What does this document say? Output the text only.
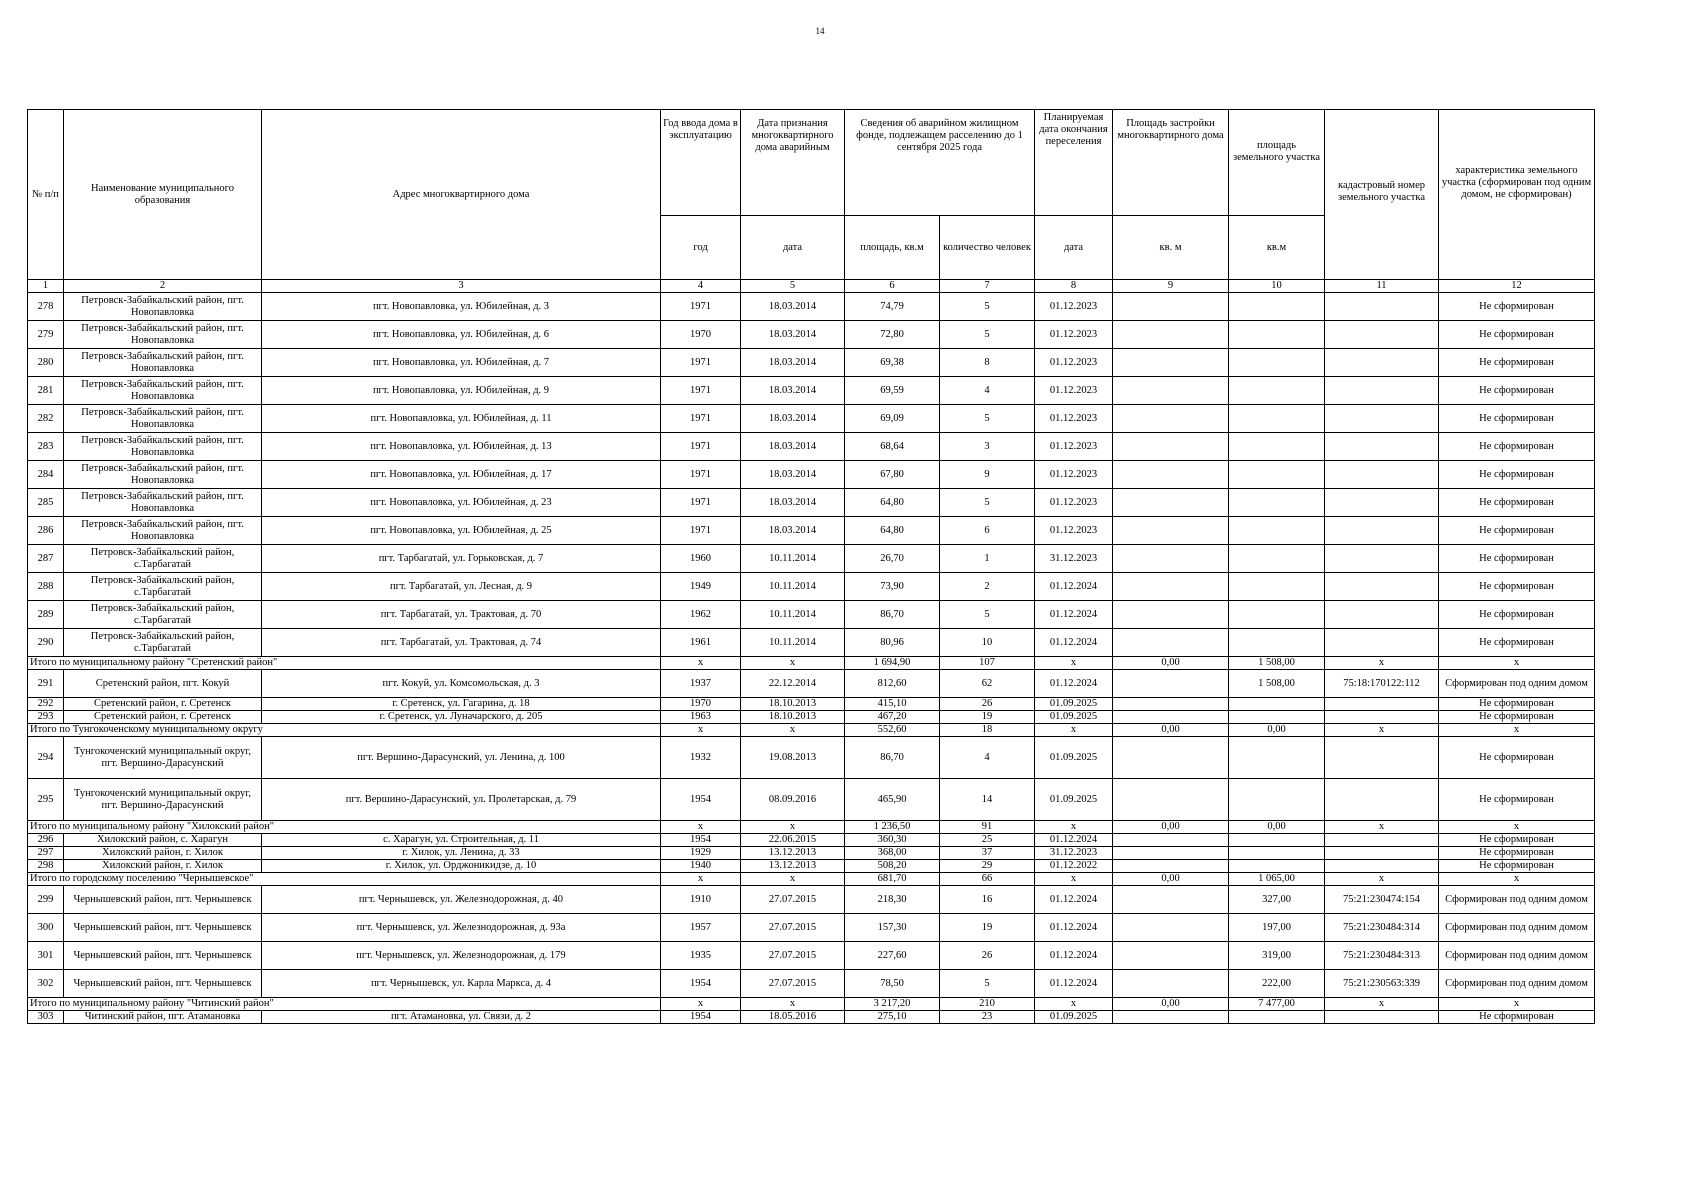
14
№ п/п	Наименование муниципального образования	Адрес многоквартирного дома	Год ввода дома в эксплуатацию	Дата признания многоквартирного дома аварийным	Сведения об аварийном жилищном фонде, подлежащем расселению до 1 сентября 2025 года		Планируемая дата окончания переселения	Площадь застройки многоквартирного дома	площадь земельного участка	кадастровый номер земельного участка	характеристика земельного участка (сформирован под одним домом, не сформирован)
			год	дата	площадь, кв.м	количество человек	дата	кв. м	кв.м		
1	2	3	4	5	6	7	8	9	10	11	12
278	Петровск-Забайкальский район, пгт. Новопавловка	пгт. Новопавловка, ул. Юбилейная, д. 3	1971	18.03.2014	74,79	5	01.12.2023				Не сформирован
279	Петровск-Забайкальский район, пгт. Новопавловка	пгт. Новопавловка, ул. Юбилейная, д. 6	1970	18.03.2014	72,80	5	01.12.2023				Не сформирован
280	Петровск-Забайкальский район, пгт. Новопавловка	пгт. Новопавловка, ул. Юбилейная, д. 7	1971	18.03.2014	69,38	8	01.12.2023				Не сформирован
281	Петровск-Забайкальский район, пгт. Новопавловка	пгт. Новопавловка, ул. Юбилейная, д. 9	1971	18.03.2014	69,59	4	01.12.2023				Не сформирован
282	Петровск-Забайкальский район, пгт. Новопавловка	пгт. Новопавловка, ул. Юбилейная, д. 11	1971	18.03.2014	69,09	5	01.12.2023				Не сформирован
283	Петровск-Забайкальский район, пгт. Новопавловка	пгт. Новопавловка, ул. Юбилейная, д. 13	1971	18.03.2014	68,64	3	01.12.2023				Не сформирован
284	Петровск-Забайкальский район, пгт. Новопавловка	пгт. Новопавловка, ул. Юбилейная, д. 17	1971	18.03.2014	67,80	9	01.12.2023				Не сформирован
285	Петровск-Забайкальский район, пгт. Новопавловка	пгт. Новопавловка, ул. Юбилейная, д. 23	1971	18.03.2014	64,80	5	01.12.2023				Не сформирован
286	Петровск-Забайкальский район, пгт. Новопавловка	пгт. Новопавловка, ул. Юбилейная, д. 25	1971	18.03.2014	64,80	6	01.12.2023				Не сформирован
287	Петровск-Забайкальский район, с.Тарбагатай	пгт. Тарбагатай, ул. Горьковская, д. 7	1960	10.11.2014	26,70	1	31.12.2023				Не сформирован
288	Петровск-Забайкальский район, с.Тарбагатай	пгт. Тарбагатай, ул. Лесная, д. 9	1949	10.11.2014	73,90	2	01.12.2024				Не сформирован
289	Петровск-Забайкальский район, с.Тарбагатай	пгт. Тарбагатай, ул. Трактовая, д. 70	1962	10.11.2014	86,70	5	01.12.2024				Не сформирован
290	Петровск-Забайкальский район, с.Тарбагатай	пгт. Тарбагатай, ул. Трактовая, д. 74	1961	10.11.2014	80,96	10	01.12.2024				Не сформирован
Итого по муниципальному району "Сретенский район"			x	x	1 694,90	107	x	0,00	1 508,00	x	x
291	Сретенский район, пгт. Кокуй	пгт. Кокуй, ул. Комсомольская, д. 3	1937	22.12.2014	812,60	62	01.12.2024		1 508,00	75:18:170122:112	Сформирован под одним домом
292	Сретенский район, г. Сретенск	г. Сретенск, ул. Гагарина, д. 18	1970	18.10.2013	415,10	26	01.09.2025				Не сформирован
293	Сретенский район, г. Сретенск	г. Сретенск, ул. Луначарского, д. 205	1963	18.10.2013	467,20	19	01.09.2025				Не сформирован
Итого по Тунгокоченскому муниципальному округу			x	x	552,60	18	x	0,00	0,00	x	x
294	Тунгокоченский муниципальный округ, пгт. Вершино-Дарасунский	пгт. Вершино-Дарасунский, ул. Ленина, д. 100	1932	19.08.2013	86,70	4	01.09.2025				Не сформирован
295	Тунгокоченский муниципальный округ, пгт. Вершино-Дарасунский	пгт. Вершино-Дарасунский, ул. Пролетарская, д. 79	1954	08.09.2016	465,90	14	01.09.2025				Не сформирован
Итого по муниципальному району "Хилокский район"			x	x	1 236,50	91	x	0,00	0,00	x	x
296	Хилокский район, с. Харагун	с. Харагун, ул. Строительная, д. 11	1954	22.06.2015	360,30	25	01.12.2024				Не сформирован
297	Хилокский район, г. Хилок	г. Хилок, ул. Ленина, д. 33	1929	13.12.2013	368,00	37	31.12.2023				Не сформирован
298	Хилокский район, г. Хилок	г. Хилок, ул. Орджоникидзе, д. 10	1940	13.12.2013	508,20	29	01.12.2022				Не сформирован
Итого по городскому поселению "Чернышевское"			x	x	681,70	66	x	0,00	1 065,00	x	x
299	Чернышевский район, пгт. Чернышевск	пгт. Чернышевск, ул. Железнодорожная, д. 40	1910	27.07.2015	218,30	16	01.12.2024		327,00	75:21:230474:154	Сформирован под одним домом
300	Чернышевский район, пгт. Чернышевск	пгт. Чернышевск, ул. Железнодорожная, д. 93а	1957	27.07.2015	157,30	19	01.12.2024		197,00	75:21:230484:314	Сформирован под одним домом
301	Чернышевский район, пгт. Чернышевск	пгт. Чернышевск, ул. Железнодорожная, д. 179	1935	27.07.2015	227,60	26	01.12.2024		319,00	75:21:230484:313	Сформирован под одним домом
302	Чернышевский район, пгт. Чернышевск	пгт. Чернышевск, ул. Карла Маркса, д. 4	1954	27.07.2015	78,50	5	01.12.2024		222,00	75:21:230563:339	Сформирован под одним домом
Итого по муниципальному району "Читинский район"			x	x	3 217,20	210	x	0,00	7 477,00	x	x
303	Читинский район, пгт. Атамановка	пгт. Атамановка, ул. Связи, д. 2	1954	18.05.2016	275,10	23	01.09.2025				Не сформирован
